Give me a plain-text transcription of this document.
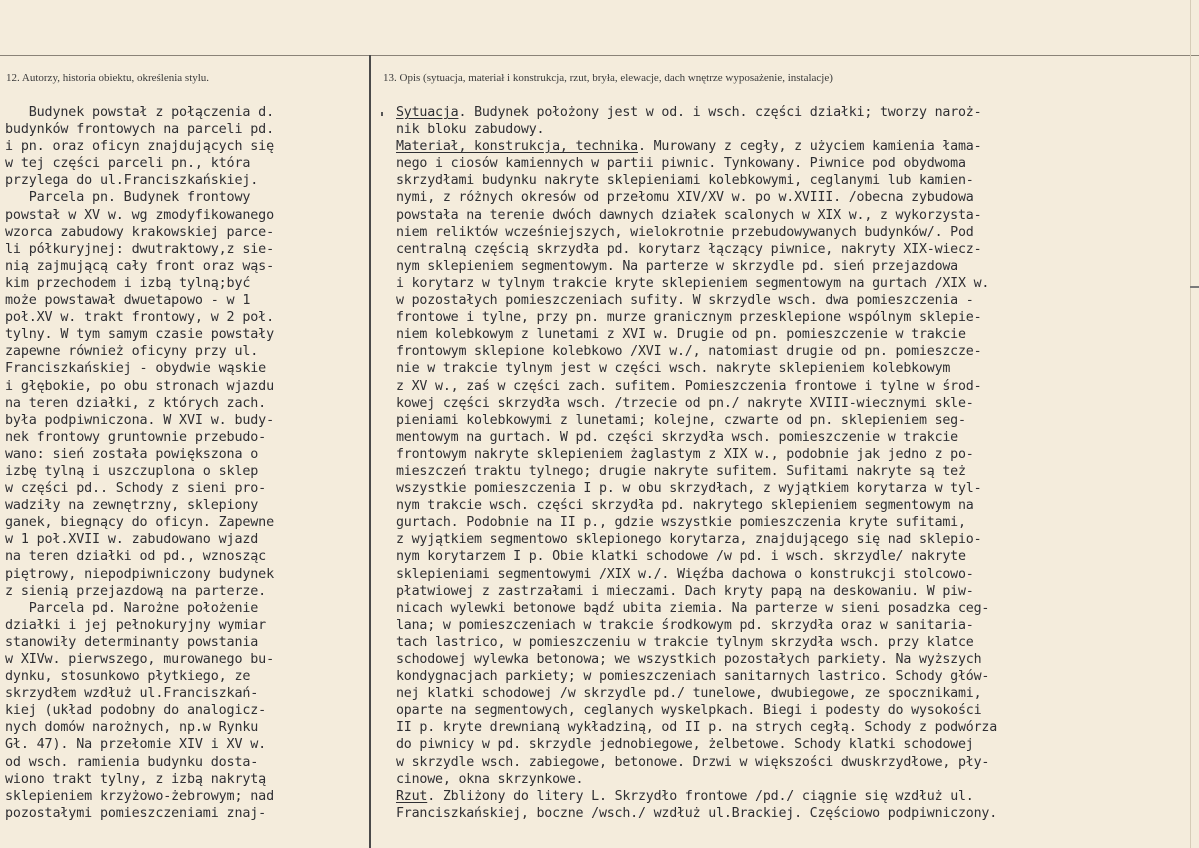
12. Autorzy, historia obiektu, określenia stylu.	13. Opis (sytuacja, materiał i konstrukcja, rzut, bryła, elewacje, dach wnętrze wyposażenie, instalacje)
Budynek powstał z połączenia d.
budynków frontowych na parceli pd.
i pn. oraz oficyn znajdujących się
w tej części parceli pn., która
przylega do ul.Franciszkańskiej.
Parcela pn. Budynek frontowy
powstał w XV w. wg zmodyfikowanego
wzorca zabudowy krakowskiej parce-
li półkuryjnej: dwutraktowy,z sie-
nią zajmującą cały front oraz wąs-
kim przechodem i izbą tylną;być
może powstawał dwuetapowo - w 1
poł.XV w. trakt frontowy, w 2 poł.
tylny. W tym samym czasie powstały
zapewne również oficyny przy ul.
Franciszkańskiej - obydwie wąskie
i głębokie, po obu stronach wjazdu
na teren działki, z których zach.
była podpiwniczona. W XVI w. budy-
nek frontowy gruntownie przebudo-
wano: sień została powiększona o
izbę tylną i uszczuplona o sklep
w części pd.. Schody z sieni pro-
wadziły na zewnętrzny, sklepiony
ganek, biegnący do oficyn. Zapewne
w 1 poł.XVII w. zabudowano wjazd
na teren działki od pd., wznosząc
piętrowy, niepodpiwniczony budynek
z sienią przejazdową na parterze.
Parcela pd. Narożne położenie
działki i jej pełnokuryjny wymiar
stanowiły determinanty powstania
w XIVw. pierwszego, murowanego bu-
dynku, stosunkowo płytkiego, ze
skrzydłem wzdłuż ul.Franciszkań-
kiej (układ podobny do analogicz-
nych domów narożnych, np.w Rynku
Gł. 47). Na przełomie XIV i XV w.
od wsch. ramienia budynku dosta-
wiono trakt tylny, z izbą nakrytą
sklepieniem krzyżowo-żebrowym; nad
pozostałymi pomieszczeniami znaj-
Sytuacja. Budynek położony jest w od. i wsch. części działki; tworzy naroż-
nik bloku zabudowy.
Materiał, konstrukcja, technika. Murowany z cegły, z użyciem kamienia łama-
nego i ciosów kamiennych w partii piwnic. Tynkowany. Piwnice pod obydwoma
skrzydłami budynku nakryte sklepieniami kolebkowymi, ceglanymi lub kamien-
nymi, z różnych okresów od przełomu XIV/XV w. po w.XVIII. /obecna zybudowa
powstała na terenie dwóch dawnych działek scalonych w XIX w., z wykorzysta-
niem reliktów wcześniejszych, wielokrotnie przebudowywanych budynków/. Pod
centralną częścią skrzydła pd. korytarz łączący piwnice, nakryty XIX-wiecz-
nym sklepieniem segmentowym. Na parterze w skrzydle pd. sień przejazdowa
i korytarz w tylnym trakcie kryte sklepieniem segmentowym na gurtach /XIX w.
w pozostałych pomieszczeniach sufity. W skrzydle wsch. dwa pomieszczenia -
frontowe i tylne, przy pn. murze granicznym przesklepione wspólnym sklepie-
niem kolebkowym z lunetami z XVI w. Drugie od pn. pomieszczenie w trakcie
frontowym sklepione kolebkowo /XVI w./, natomiast drugie od pn. pomieszcze-
nie w trakcie tylnym jest w części wsch. nakryte sklepieniem kolebkowym
z XV w., zaś w części zach. sufitem. Pomieszczenia frontowe i tylne w środ-
kowej części skrzydła wsch. /trzecie od pn./ nakryte XVIII-wiecznymi skle-
pieniami kolebkowymi z lunetami; kolejne, czwarte od pn. sklepieniem seg-
mentowym na gurtach. W pd. części skrzydła wsch. pomieszczenie w trakcie
frontowym nakryte sklepieniem żaglastym z XIX w., podobnie jak jedno z po-
mieszczeń traktu tylnego; drugie nakryte sufitem. Sufitami nakryte są też
wszystkie pomieszczenia I p. w obu skrzydłach, z wyjątkiem korytarza w tyl-
nym trakcie wsch. części skrzydła pd. nakrytego sklepieniem segmentowym na
gurtach. Podobnie na II p., gdzie wszystkie pomieszczenia kryte sufitami,
z wyjątkiem segmentowo sklepionego korytarza, znajdującego się nad sklepio-
nym korytarzem I p. Obie klatki schodowe /w pd. i wsch. skrzydle/ nakryte
sklepieniami segmentowymi /XIX w./. Więźba dachowa o konstrukcji stolcowo-
płatwiowej z zastrzałami i mieczami. Dach kryty papą na deskowaniu. W piw-
nicach wylewki betonowe bądź ubita ziemia. Na parterze w sieni posadzka ceg-
lana; w pomieszczeniach w trakcie środkowym pd. skrzydła oraz w sanitaria-
tach lastrico, w pomieszczeniu w trakcie tylnym skrzydła wsch. przy klatce
schodowej wylewka betonowa; we wszystkich pozostałych parkiety. Na wyższych
kondygnacjach parkiety; w pomieszczeniach sanitarnych lastrico. Schody głów-
nej klatki schodowej /w skrzydle pd./ tunelowe, dwubiegowe, ze spocznikami,
oparte na segmentowych, ceglanych wyskelpkach. Biegi i podesty do wysokości
II p. kryte drewnianą wykładziną, od II p. na strych cegłą. Schody z podwórza
do piwnicy w pd. skrzydle jednobiegowe, żelbetowe. Schody klatki schodowej
w skrzydle wsch. zabiegowe, betonowe. Drzwi w większości dwuskrzydłowe, pły-
cinowe, okna skrzynkowe.
Rzut. Zbliżony do litery L. Skrzydło frontowe /pd./ ciągnie się wzdłuż ul.
Franciszkańskiej, boczne /wsch./ wzdłuż ul.Brackiej. Częściowo podpiwniczony.
